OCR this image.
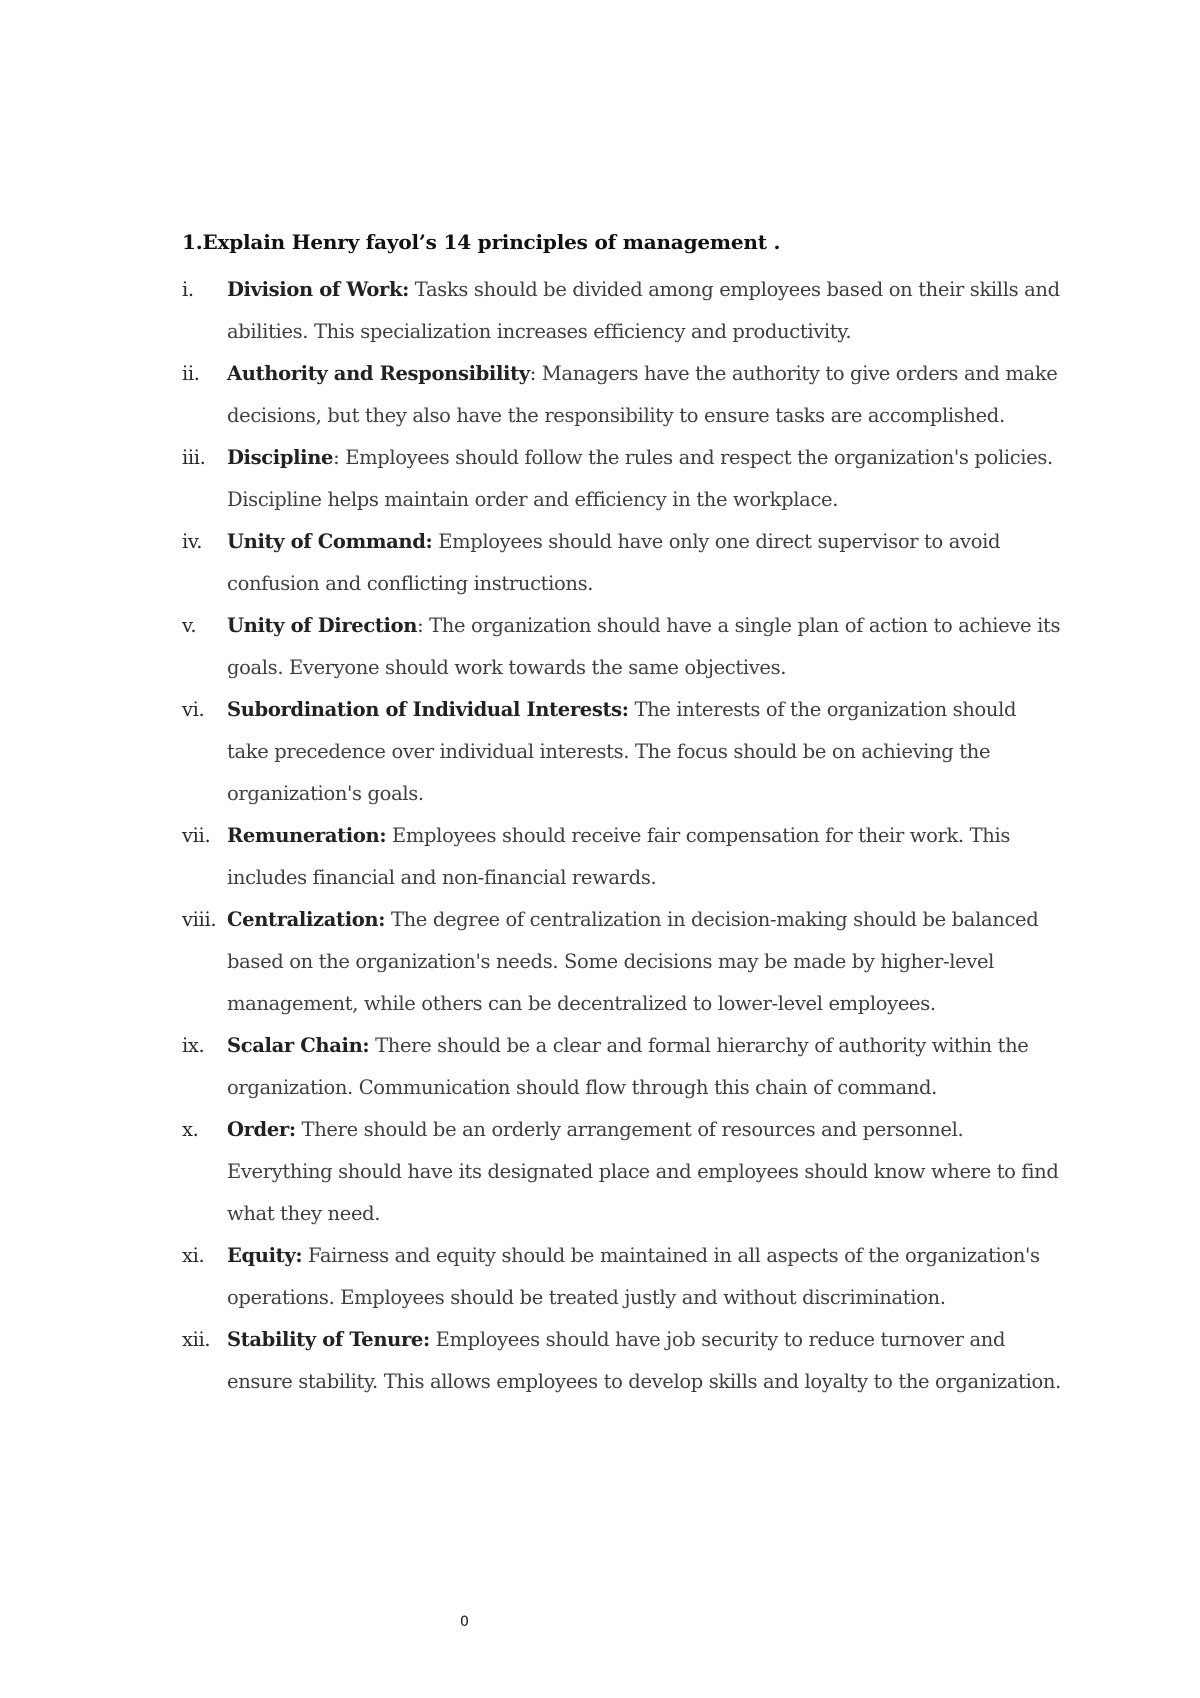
1.Explain Henry fayol’s 14 principles of management .
i. Division of Work: Tasks should be divided among employees based on their skills and abilities. This specialization increases efficiency and productivity.
ii. Authority and Responsibility: Managers have the authority to give orders and make decisions, but they also have the responsibility to ensure tasks are accomplished.
iii. Discipline: Employees should follow the rules and respect the organization's policies. Discipline helps maintain order and efficiency in the workplace.
iv. Unity of Command: Employees should have only one direct supervisor to avoid confusion and conflicting instructions.
v. Unity of Direction: The organization should have a single plan of action to achieve its goals. Everyone should work towards the same objectives.
vi. Subordination of Individual Interests: The interests of the organization should take precedence over individual interests. The focus should be on achieving the organization's goals.
vii. Remuneration: Employees should receive fair compensation for their work. This includes financial and non-financial rewards.
viii. Centralization: The degree of centralization in decision-making should be balanced based on the organization's needs. Some decisions may be made by higher-level management, while others can be decentralized to lower-level employees.
ix. Scalar Chain: There should be a clear and formal hierarchy of authority within the organization. Communication should flow through this chain of command.
x. Order: There should be an orderly arrangement of resources and personnel. Everything should have its designated place and employees should know where to find what they need.
xi. Equity: Fairness and equity should be maintained in all aspects of the organization's operations. Employees should be treated justly and without discrimination.
xii. Stability of Tenure: Employees should have job security to reduce turnover and ensure stability. This allows employees to develop skills and loyalty to the organization.
0
